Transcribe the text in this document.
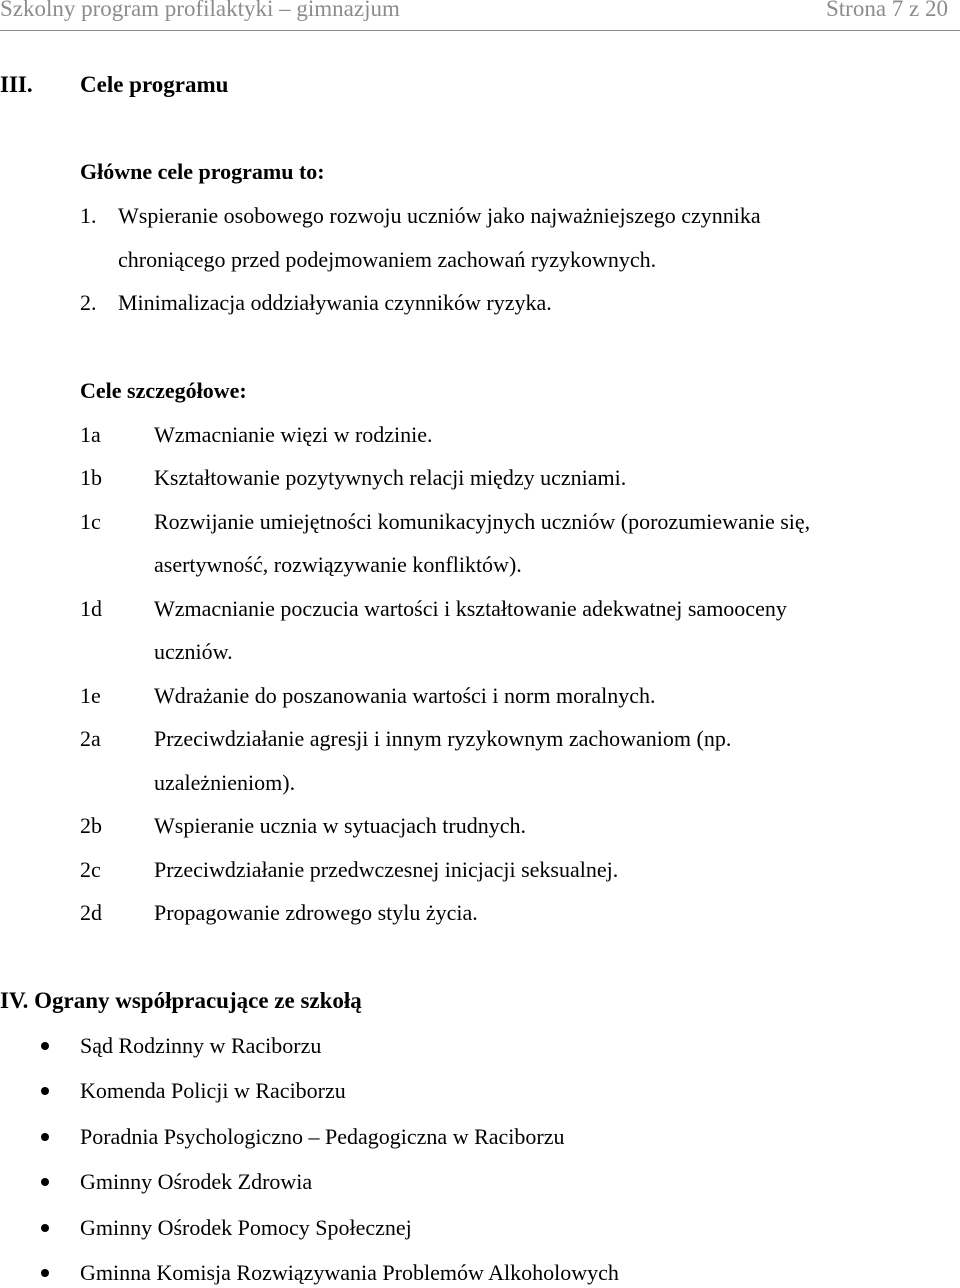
Szkolny program profilaktyki – gimnazjum	Strona 7 z 20
III. Cele programu
Główne cele programu to:
1. Wspieranie osobowego rozwoju uczniów jako najważniejszego czynnika
chroniącego przed podejmowaniem zachowań ryzykownych.
2. Minimalizacja oddziaływania czynników ryzyka.
Cele szczegółowe:
1a Wzmacnianie więzi w rodzinie.
1b Kształtowanie pozytywnych relacji między uczniami.
1c Rozwijanie umiejętności komunikacyjnych uczniów (porozumiewanie się,
asertywność, rozwiązywanie konfliktów).
1d Wzmacnianie poczucia wartości i kształtowanie adekwatnej samooceny
uczniów.
1e Wdrażanie do poszanowania wartości i norm moralnych.
2a Przeciwdziałanie agresji i innym ryzykownym zachowaniom (np.
uzależnieniom).
2b Wspieranie ucznia w sytuacjach trudnych.
2c Przeciwdziałanie przedwczesnej inicjacji seksualnej.
2d Propagowanie zdrowego stylu życia.
IV. Ograny współpracujące ze szkołą
Sąd Rodzinny w Raciborzu
Komenda Policji w Raciborzu
Poradnia Psychologiczno – Pedagogiczna w Raciborzu
Gminny Ośrodek Zdrowia
Gminny Ośrodek Pomocy Społecznej
Gminna Komisja Rozwiązywania Problemów Alkoholowych
